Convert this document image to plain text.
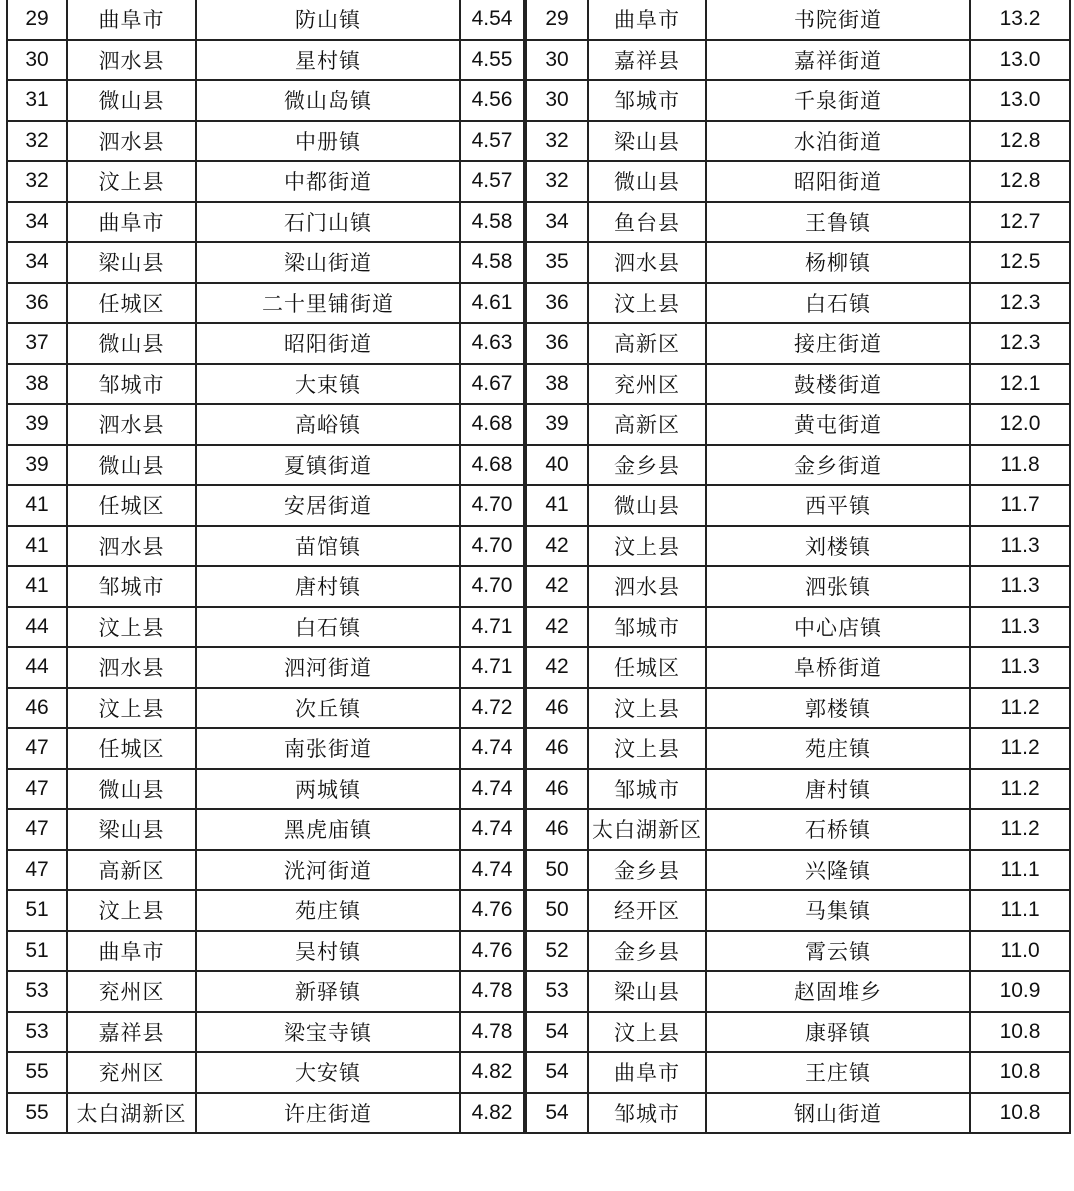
29	曲阜市	防山镇	4.54
30	泗水县	星村镇	4.55
31	微山县	微山岛镇	4.56
32	泗水县	中册镇	4.57
32	汶上县	中都街道	4.57
34	曲阜市	石门山镇	4.58
34	梁山县	梁山街道	4.58
36	任城区	二十里铺街道	4.61
37	微山县	昭阳街道	4.63
38	邹城市	大束镇	4.67
39	泗水县	高峪镇	4.68
39	微山县	夏镇街道	4.68
41	任城区	安居街道	4.70
41	泗水县	苗馆镇	4.70
41	邹城市	唐村镇	4.70
44	汶上县	白石镇	4.71
44	泗水县	泗河街道	4.71
46	汶上县	次丘镇	4.72
47	任城区	南张街道	4.74
47	微山县	两城镇	4.74
47	梁山县	黑虎庙镇	4.74
47	高新区	洸河街道	4.74
51	汶上县	苑庄镇	4.76
51	曲阜市	吴村镇	4.76
53	兖州区	新驿镇	4.78
53	嘉祥县	梁宝寺镇	4.78
55	兖州区	大安镇	4.82
55	太白湖新区	许庄街道	4.82
29	曲阜市	书院街道	13.2
30	嘉祥县	嘉祥街道	13.0
30	邹城市	千泉街道	13.0
32	梁山县	水泊街道	12.8
32	微山县	昭阳街道	12.8
34	鱼台县	王鲁镇	12.7
35	泗水县	杨柳镇	12.5
36	汶上县	白石镇	12.3
36	高新区	接庄街道	12.3
38	兖州区	鼓楼街道	12.1
39	高新区	黄屯街道	12.0
40	金乡县	金乡街道	11.8
41	微山县	西平镇	11.7
42	汶上县	刘楼镇	11.3
42	泗水县	泗张镇	11.3
42	邹城市	中心店镇	11.3
42	任城区	阜桥街道	11.3
46	汶上县	郭楼镇	11.2
46	汶上县	苑庄镇	11.2
46	邹城市	唐村镇	11.2
46	太白湖新区	石桥镇	11.2
50	金乡县	兴隆镇	11.1
50	经开区	马集镇	11.1
52	金乡县	霄云镇	11.0
53	梁山县	赵固堆乡	10.9
54	汶上县	康驿镇	10.8
54	曲阜市	王庄镇	10.8
54	邹城市	钢山街道	10.8
